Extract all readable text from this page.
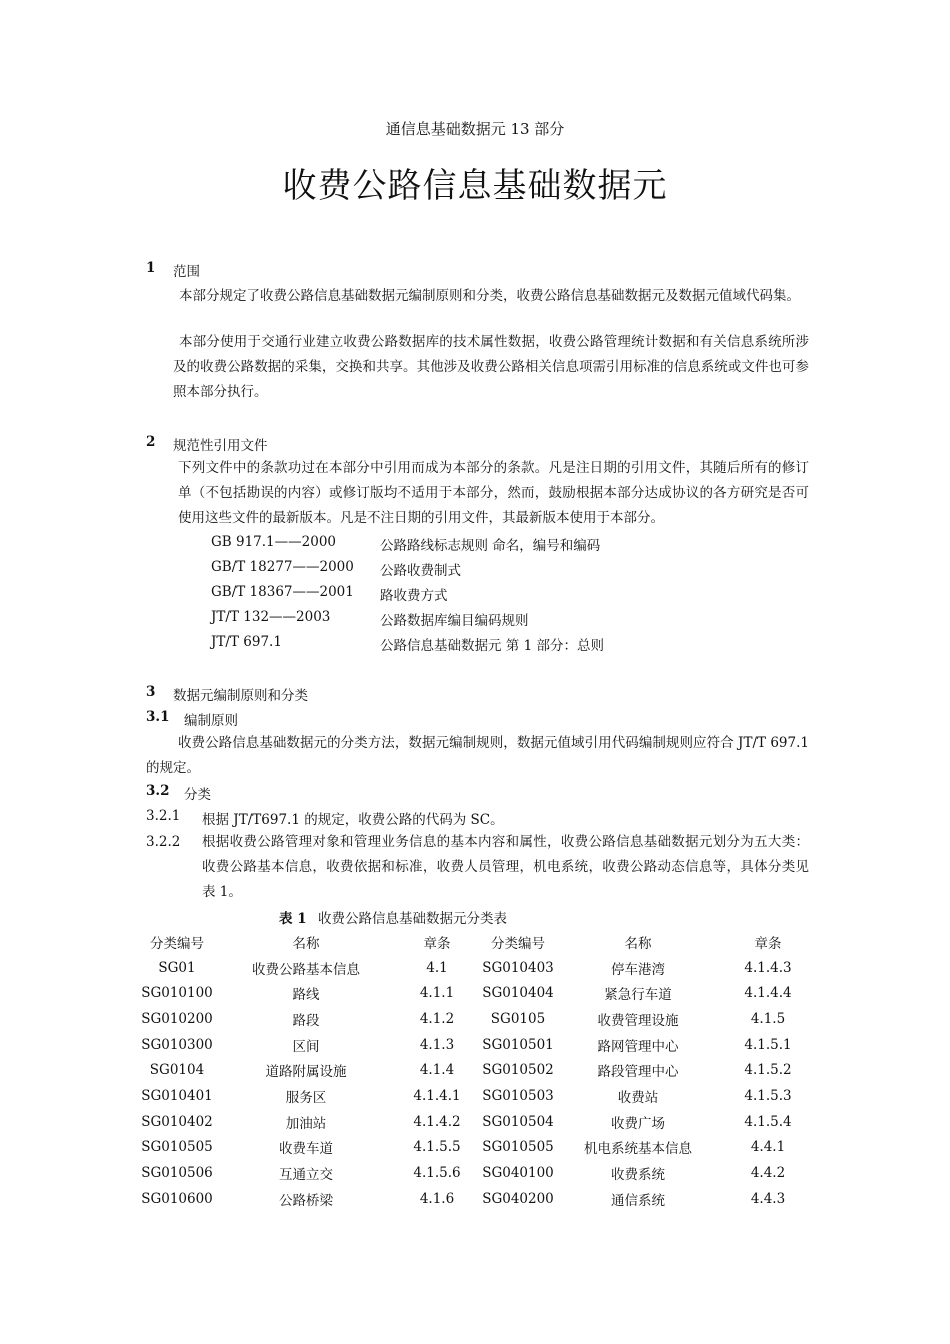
通信息基础数据元 13 部分
收费公路信息基础数据元
1 范围
本部分规定了收费公路信息基础数据元编制原则和分类，收费公路信息基础数据元及数据元值域代码集。
本部分使用于交通行业建立收费公路数据库的技术属性数据，收费公路管理统计数据和有关信息系统所涉及的收费公路数据的采集，交换和共享。其他涉及收费公路相关信息项需引用标准的信息系统或文件也可参照本部分执行。
2 规范性引用文件
下列文件中的条款功过在本部分中引用而成为本部分的条款。凡是注日期的引用文件，其随后所有的修订单（不包括勘误的内容）或修订版均不适用于本部分，然而，鼓励根据本部分达成协议的各方研究是否可使用这些文件的最新版本。凡是不注日期的引用文件，其最新版本使用于本部分。
GB 917.1——2000	公路路线标志规则 命名，编号和编码
GB/T 18277——2000 公路收费制式
GB/T 18367——2001 路收费方式
JT/T 132——2003	公路数据库编目编码规则
JT/T 697.1	公路信息基础数据元 第 1 部分：总则
3 数据元编制原则和分类
3.1 编制原则
收费公路信息基础数据元的分类方法，数据元编制规则，数据元值域引用代码编制规则应符合 JT/T 697.1 的规定。
3.2 分类
3.2.1 根据 JT/T697.1 的规定，收费公路的代码为 SC。
3.2.2 根据收费公路管理对象和管理业务信息的基本内容和属性，收费公路信息基础数据元划分为五大类：收费公路基本信息，收费依据和标准，收费人员管理，机电系统，收费公路动态信息等，具体分类见表 1。
表 1 收费公路信息基础数据元分类表
分类编号	名称	章条	分类编号	名称	章条
SG01	收费公路基本信息	4.1	SG010403	停车港湾	4.1.4.3
SG010100	路线	4.1.1	SG010404	紧急行车道	4.1.4.4
SG010200	路段	4.1.2	SG0105	收费管理设施	4.1.5
SG010300	区间	4.1.3	SG010501	路网管理中心	4.1.5.1
SG0104	道路附属设施	4.1.4	SG010502	路段管理中心	4.1.5.2
SG010401	服务区	4.1.4.1	SG010503	收费站	4.1.5.3
SG010402	加油站	4.1.4.2	SG010504	收费广场	4.1.5.4
SG010505	收费车道	4.1.5.5	SG010505	机电系统基本信息	4.4.1
SG010506	互通立交	4.1.5.6	SG040100	收费系统	4.4.2
SG010600	公路桥梁	4.1.6	SG040200	通信系统	4.4.3
